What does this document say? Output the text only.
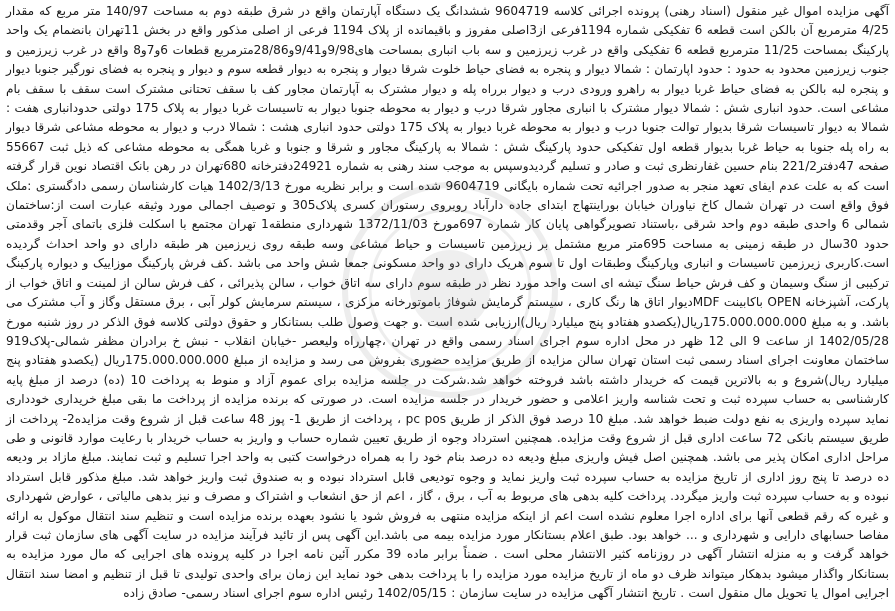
آگهی مزایده اموال غیر منقول (اسناد رهنی) پرونده اجرائی کلاسه 9604719 ششدانگ یک دستگاه آپارتمان واقع در شرق طبقه دوم به مساحت 140/97 متر مربع که مقدار 4/25 مترمربع آن بالکن است قطعه 6 تفکیکی شماره 1194فرعی از3اصلی مفروز و باقیمانده از پلاک 1194 فرعی از اصلی مذکور واقع در بخش 11تهران بانضمام یک واحد پارکینگ بمساحت 11/25 مترمربع قطعه 6 تفکیکی واقع در غرب زیرزمین و سه باب انباری بمساحت های9/98و9/41و28/86مترمربع قطعات 6و7و8 واقع در غرب زیرزمین و جنوب زیرزمین محدود به حدود : حدود اپارتمان : شمالا دیوار و پنجره به فضای حیاط خلوت شرقا دیوار و پنجره به دیوار قطعه سوم و دیوار و پنجره به فضای نورگیر جنوبا دیوار و پنجره لبه بالکن به فضای حیاط غربا دیوار به راهرو ورودی درب و دیوار برراه پله و دیوار مشترک به آپارتمان مجاور کف با سقف تحتانی مشترک است سقف با سقف بام مشاعی است. حدود انباری شش : شمالا دیوار مشترک با انباری مجاور شرقا درب و دیوار به محوطه جنوبا دیوار به تاسیسات غربا دیوار به پلاک 175 دولتی حدودانباری هفت : شمالا به دیوار تاسیسات شرقا بدیوار توالت جنوبا درب و دیوار به محوطه غربا دیوار به پلاک 175 دولتی حدود انباری هشت : شمالا درب و دیوار به محوطه مشاعی شرقا دیوار به راه پله جنوبا به حیاط غربا بدیوار قطعه اول تفکیکی حدود پارکینگ شش : شمالا به پارکینگ مجاور و شرقا و جنوبا و غربا همگی به محوطه مشاعی که ذیل ثبت 55667 صفحه 47دفتر221/2 بنام حسین غفارنظری ثبت و صادر و تسلیم گردیدوسپس به موجب سند رهنی به شماره 24921دفترخانه 680تهران در رهن بانک اقتصاد نوین قرار گرفته است که به علت عدم ایفای تعهد منجر به صدور اجرائیه تحت شماره بایگانی 9604719 شده است و برابر نظریه مورخ 1402/3/13 هیات کارشناسان رسمی دادگستری :ملک فوق واقع است در تهران شمال کاخ نیاوران خیابان بوراینتهاج ابتدای جاده دارآباد روبروی رستوران کسری پلاک305 و توصیف اجمالی مورد وثیقه عبارت است از:ساختمان شمالی 6 واحدی طبقه دوم واحد شرقی ،باستناد تصویرگواهی پایان کار شماره 697مورخ 1372/11/03 شهرداری منطقه1 تهران مجتمع با اسکلت فلزی باتمای آجر وقدمتی حدود 30سال در طبقه زمینی به مساحت 695متر مربع مشتمل بر زیرزمین تاسیسات و حیاط مشاعی وسه طبقه روی زیرزمین هر طبقه دارای دو واحد احداث گردیده است.کاربری زیرزمین تاسیسات و انباری وپارکینگ وطبقات اول تا سوم هریک دارای دو واحد مسکونی جمعا شش واحد می باشد .کف فرش پارکینگ موزاییک و دیواره پارکینگ ترکیبی از سنگ وسیمان و کف فرش حیاط سنگ تیشه ای است واحد مورد نظر در طبقه سوم دارای سه اتاق خواب ، سالن پذیرائی ، کف فرش سالن از لمینت و اتاق خواب از پارکت، آشپزخانه OPEN باکابینت MDFدیوار اتاق ها رنگ کاری ، سیستم گرمایش شوفاژ باموتورخانه مرکزی ، سیستم سرمایش کولر آبی ، برق مستقل وگاز و آب مشترک می باشد. و به مبلغ 175.000.000.000ریال(یکصدو هفتادو پنج میلیارد ریال)ارزیابی شده است .و جهت وصول طلب بستانکار و حقوق دولتی کلاسه فوق الذکر در روز شنبه مورخ 1402/05/28 از ساعت 9 الی 12 ظهر در محل اداره سوم اجرای اسناد رسمی واقع در تهران ،چهارراه ولیعصر -خیابان انقلاب - نبش خ برادران مظفر شمالی-پلاک919 ساختمان معاونت اجرای اسناد رسمی ثبت استان تهران سالن مزایده از طریق مزایده حضوری بفروش می رسد و مزایده از مبلغ 175.000.000.000ریال (یکصدو هفتادو پنج میلیارد ریال)شروع و به بالاترین قیمت که خریدار داشته باشد فروخته خواهد شد.شرکت در جلسه مزایده برای عموم آزاد و منوط به پرداخت 10 (ده) درصد از مبلغ پایه کارشناسی به حساب سپرده ثبت و تحت شناسه واریز اعلامی و حضور خریدار در جلسه مزایده است. در صورتی که برنده مزایده از پرداخت ما بقی مبلغ خریداری خودداری نماید سپرده واریزی به نفع دولت ضبط خواهد شد. مبلغ 10 درصد فوق الذکر از طریق pc pos ، پرداخت از طریق 1- پوز 48 ساعت قبل از شروع وقت مزایده2- پرداخت از طریق سیستم بانکی 72 ساعت اداری قبل از شروع وقت مزایده. همچنین استرداد وجوه از طریق تعیین شماره حساب و واریز به حساب خریدار با رعایت موارد قانونی و طی مراحل اداری امکان پذیر می باشد. همچنین اصل فیش واریزی مبلغ ودیعه ده درصد بنام خود را به همراه درخواست کتبی به واحد اجرا تسلیم و ثبت نمایند. مبلغ مازاد بر ودیعه ده درصد تا پنج روز اداری از تاریخ مزایده به حساب سپرده ثبت واریز نماید و وجوه تودیعی قابل استرداد نبوده و به صندوق ثبت واریز خواهد شد. مبلغ مذکور قابل استرداد نبوده و به حساب سپرده ثبت واریز میگردد. پرداخت کلیه بدهی های مربوط به آب ، برق ، گاز ، اعم از حق انشعاب و اشتراک و مصرف و نیز بدهی مالیاتی ، عوارض شهرداری و غیره که رقم قطعی آنها برای اداره اجرا معلوم نشده است اعم از اینکه مزایده منتهی به فروش شود یا نشود بعهده برنده مزایده است و تنظیم سند انتقال موکول به ارائه مفاصا حسابهای دارایی و شهرداری و ... خواهد بود. طبق اعلام بستانکار مورد مزایده بیمه می باشد.این آگهی پس از تائید فرآیند مزایده در سایت آگهی های سازمان ثبت قرار خواهد گرفت و به منزله انتشار آگهی در روزنامه کثیر الانتشار محلی است . ضمناً برابر ماده 39 مکرر آئین نامه اجرا در کلیه پرونده های اجرایی که مال مورد مزایده به بستانکار واگذار میشود بدهکار میتواند ظرف دو ماه از تاریخ مزایده مورد مزایده را با پرداخت بدهی خود نماید این زمان برای واحدی تولیدی تا قبل از تنظیم و امضا سند انتقال اجرایی اموال یا تحویل مال منقول است . تاریخ انتشار آگهی مزایده در سایت سازمان : 1402/05/15 رئیس اداره سوم اجرای اسناد رسمی- صادق زاده
